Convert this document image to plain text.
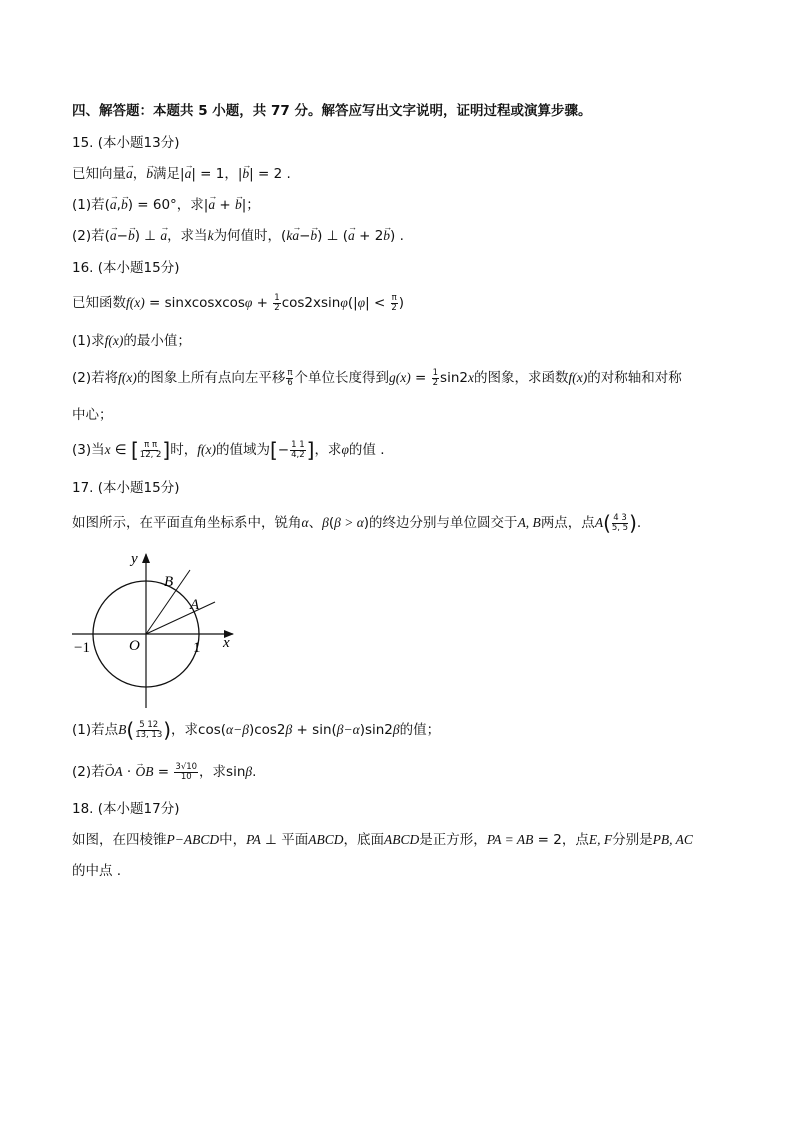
四、解答题：本题共 5 小题，共 77 分。解答应写出文字说明，证明过程或演算步骤。
15. (本小题13分)
已知向量→ a，→ b满足|→ a| = 1，|→ b| = 2 .
(1)若(→ a,→ b) = 60°，求|→ a + → b|；
(2)若(→ a−→ b) ⊥ → a，求当k为何值时，(k→ a−→ b) ⊥ (→ a + 2→ b) .
16. (本小题15分)
已知函数f(x) = sinxcosxcosφ + $\frac{1}{2} \cos 2xsin\varphi(|\varphi| < \frac{\pi}{2}$ )
(1)求f(x)的最小值；
(2)若将f(x)的图象上所有点向左平移 $\frac{\pi}{6}$ 个单位长度得到$g(x) = \frac{1}{2} \sin 2x$的图象，求函数f(x)的对称轴和对称
中心；
(3)当x ∈ [ $\frac{\text{π π}}{12, 2}$ ]时，f(x)的值域为[− $\frac{1 1}{4,2}$ ]，求φ的值 .
17. (本小题15分)
如图所示，在平面直角坐标系中，锐角α、β(β > α)的终边分别与单位圆交于A, B两点，点$A( \frac{4 3}{5, 5}$ ).
y
x
O
B
A
−1	1
(1)若点$B( \frac{5 12}{13, 13}$ )，求cos(α−β)cos2β + sin(β−α)sin2β的值；
(2)若→ OA · → OB = $\frac{3√10}{10}$ ，求sinβ.
18. (本小题17分)
如图，在四棱锥P−ABCD中，PA ⊥ 平面ABCD，底面ABCD是正方形，PA = AB = 2，点E, F分别是PB, AC
的中点 .
